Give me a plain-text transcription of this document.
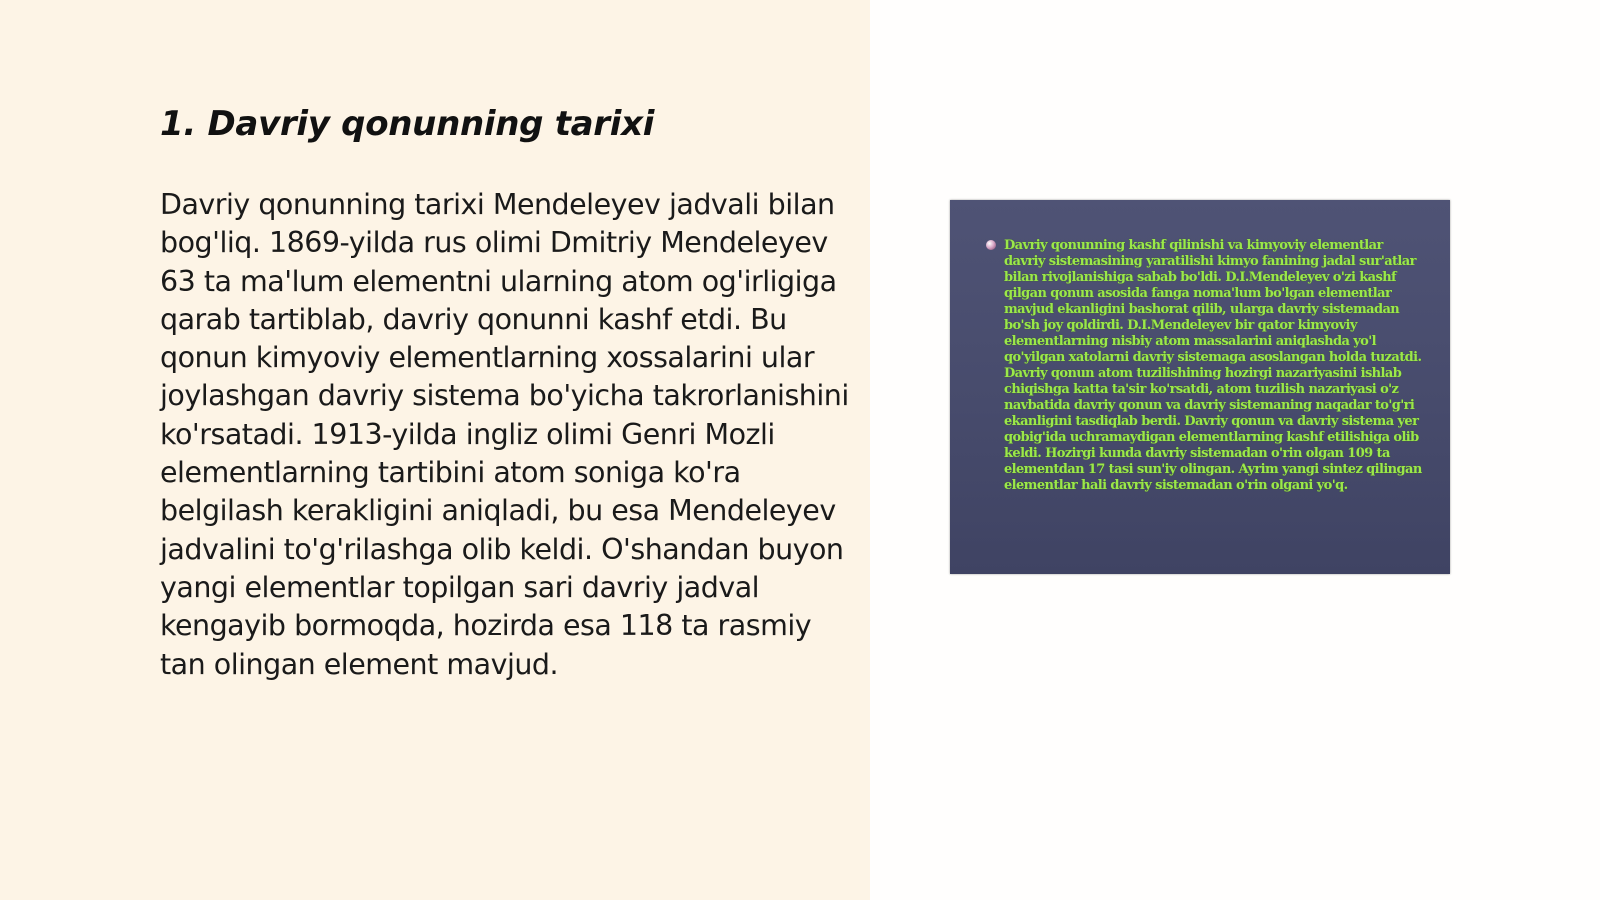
1. Davriy qonunning tarixi

Davriy qonunning tarixi Mendeleyev jadvali bilan bog'liq. 1869-yilda rus olimi Dmitriy Mendeleyev 63 ta ma'lum elementni ularning atom og'irligiga qarab tartiblab, davriy qonunni kashf etdi. Bu qonun kimyoviy elementlarning xossalarini ular joylashgan davriy sistema bo'yicha takrorlanishini ko'rsatadi. 1913-yilda ingliz olimi Genri Mozli elementlarning tartibini atom soniga ko'ra belgilash kerakligini aniqladi, bu esa Mendeleyev jadvalini to'g'rilashga olib keldi. O'shandan buyon yangi elementlar topilgan sari davriy jadval kengayib bormoqda, hozirda esa 118 ta rasmiy tan olingan element mavjud.

Davriy qonunning kashf qilinishi va kimyoviy elementlar davriy sistemasining yaratilishi kimyo fanining jadal sur'atlar bilan rivojlanishiga sabab bo'ldi. D.I.Mendeleyev o'zi kashf qilgan qonun asosida fanga noma'lum bo'lgan elementlar mavjud ekanligini bashorat qilib, ularga davriy sistemadan bo'sh joy qoldirdi. D.I.Mendeleyev bir qator kimyoviy elementlarning nisbiy atom massalarini aniqlashda yo'l qo'yilgan xatolarni davriy sistemaga asoslangan holda tuzatdi. Davriy qonun atom tuzilishining hozirgi nazariyasini ishlab chiqishga katta ta'sir ko'rsatdi, atom tuzilish nazariyasi o'z navbatida davriy qonun va davriy sistemaning naqadar to'g'ri ekanligini tasdiqlab berdi. Davriy qonun va davriy sistema yer qobig'ida uchramaydigan elementlarning kashf etilishiga olib keldi. Hozirgi kunda davriy sistemadan o'rin olgan 109 ta elementdan 17 tasi sun'iy olingan. Ayrim yangi sintez qilingan elementlar hali davriy sistemadan o'rin olgani yo'q.
